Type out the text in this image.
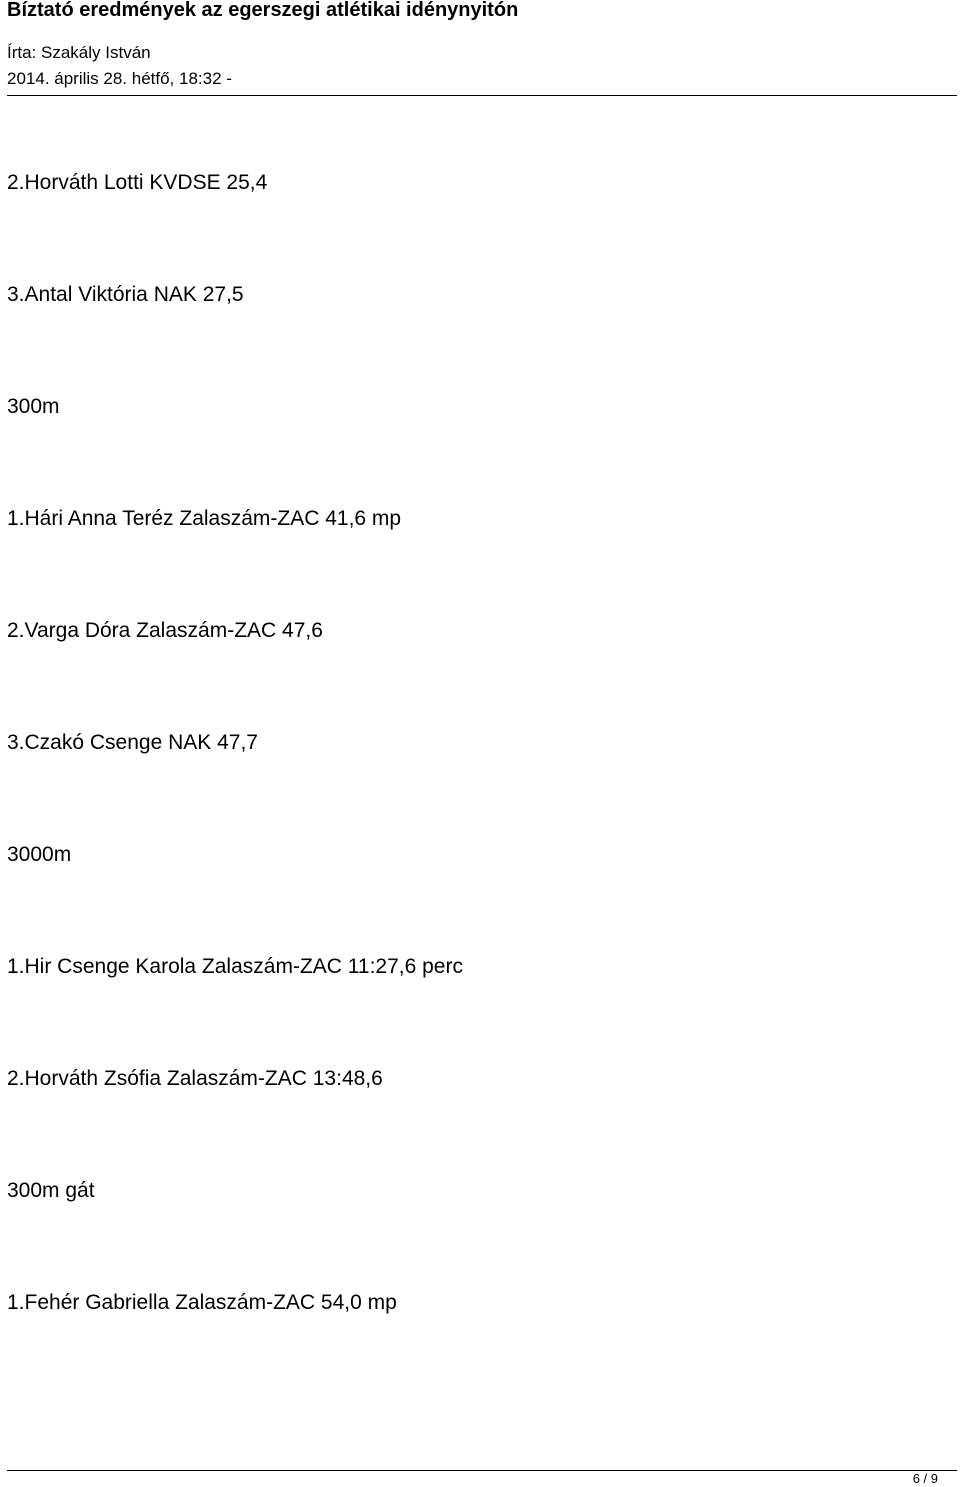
Bíztató eredmények az egerszegi atlétikai idénynyitón
Írta: Szakály István
2014. április 28. hétfő, 18:32 -
2.Horváth Lotti KVDSE 25,4
3.Antal Viktória NAK 27,5
300m
1.Hári Anna Teréz Zalaszám-ZAC 41,6 mp
2.Varga Dóra Zalaszám-ZAC 47,6
3.Czakó Csenge NAK 47,7
3000m
1.Hir Csenge Karola Zalaszám-ZAC 11:27,6 perc
2.Horváth Zsófia Zalaszám-ZAC 13:48,6
300m gát
1.Fehér Gabriella Zalaszám-ZAC 54,0 mp
6 / 9
